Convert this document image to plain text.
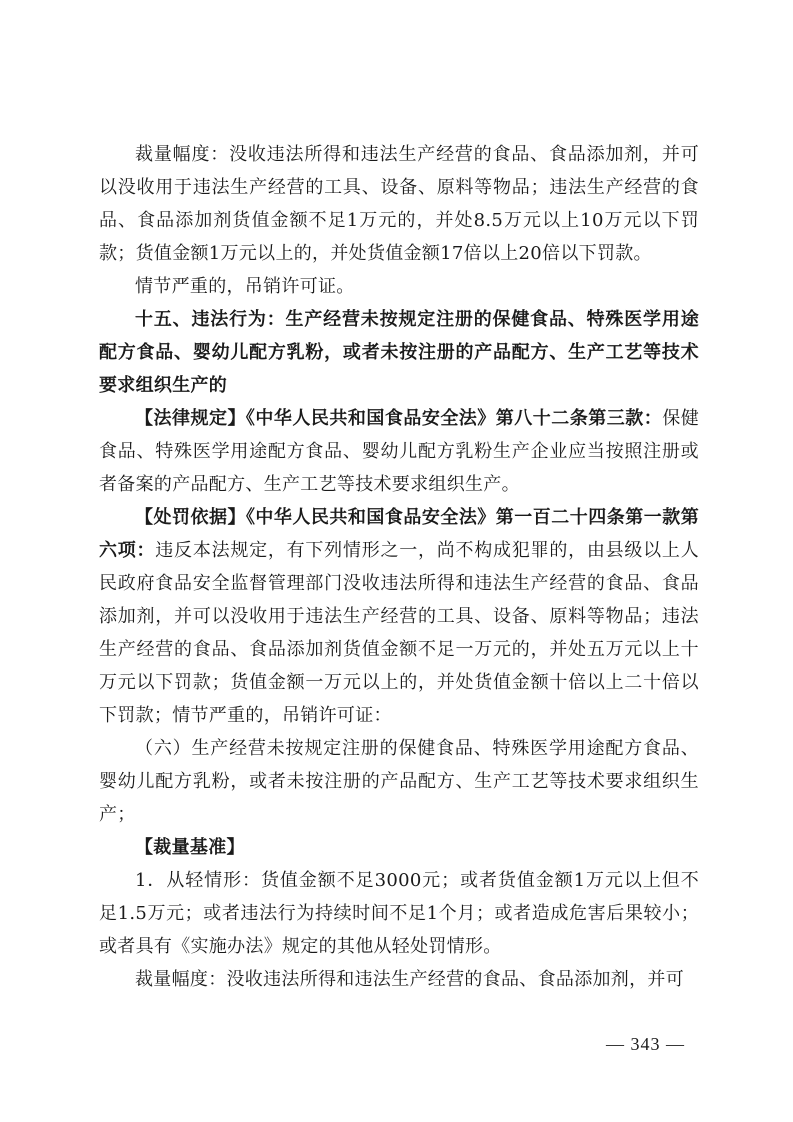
裁量幅度：没收违法所得和违法生产经营的食品、食品添加剂，并可以没收用于违法生产经营的工具、设备、原料等物品；违法生产经营的食品、食品添加剂货值金额不足1万元的，并处8.5万元以上10万元以下罚款；货值金额1万元以上的，并处货值金额17倍以上20倍以下罚款。

情节严重的，吊销许可证。

十五、违法行为：生产经营未按规定注册的保健食品、特殊医学用途配方食品、婴幼儿配方乳粉，或者未按注册的产品配方、生产工艺等技术要求组织生产的

【法律规定】《中华人民共和国食品安全法》第八十二条第三款：保健食品、特殊医学用途配方食品、婴幼儿配方乳粉生产企业应当按照注册或者备案的产品配方、生产工艺等技术要求组织生产。

【处罚依据】《中华人民共和国食品安全法》第一百二十四条第一款第六项：违反本法规定，有下列情形之一，尚不构成犯罪的，由县级以上人民政府食品安全监督管理部门没收违法所得和违法生产经营的食品、食品添加剂，并可以没收用于违法生产经营的工具、设备、原料等物品；违法生产经营的食品、食品添加剂货值金额不足一万元的，并处五万元以上十万元以下罚款；货值金额一万元以上的，并处货值金额十倍以上二十倍以下罚款；情节严重的，吊销许可证：

（六）生产经营未按规定注册的保健食品、特殊医学用途配方食品、婴幼儿配方乳粉，或者未按注册的产品配方、生产工艺等技术要求组织生产；

【裁量基准】

1．从轻情形：货值金额不足3000元；或者货值金额1万元以上但不足1.5万元；或者违法行为持续时间不足1个月；或者造成危害后果较小；或者具有《实施办法》规定的其他从轻处罚情形。

裁量幅度：没收违法所得和违法生产经营的食品、食品添加剂，并可

— 343 —
